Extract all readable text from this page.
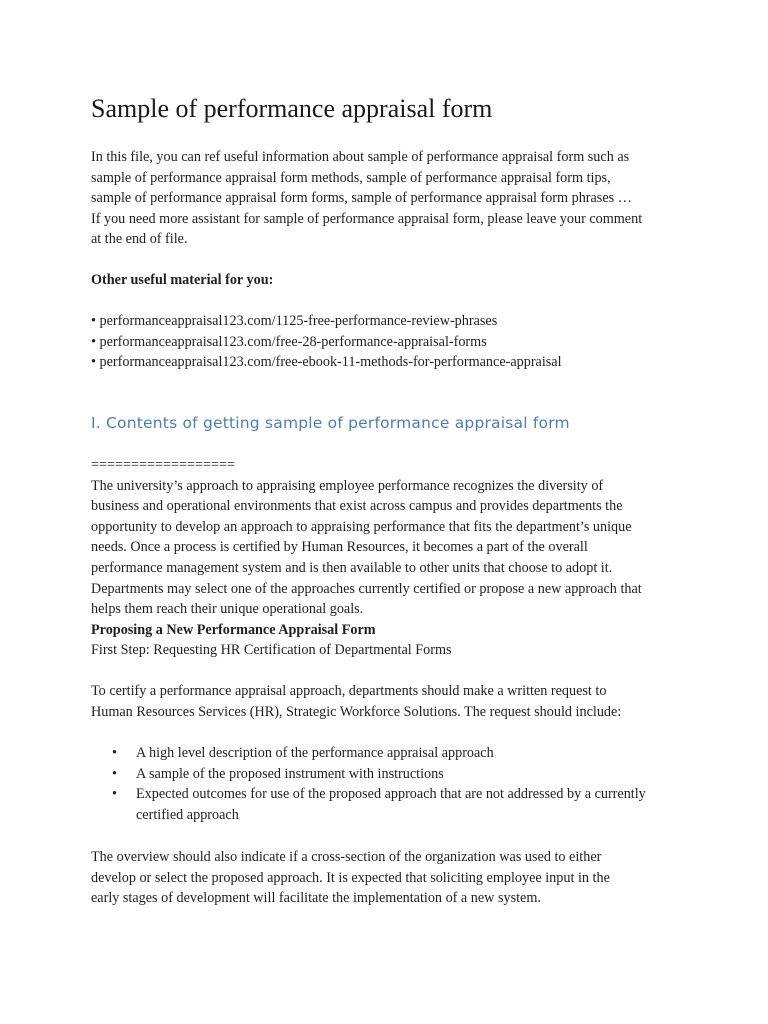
Sample of performance appraisal form

In this file, you can ref useful information about sample of performance appraisal form such as
sample of performance appraisal form methods, sample of performance appraisal form tips,
sample of performance appraisal form forms, sample of performance appraisal form phrases …
If you need more assistant for sample of performance appraisal form, please leave your comment
at the end of file.

Other useful material for you:

• performanceappraisal123.com/1125-free-performance-review-phrases
• performanceappraisal123.com/free-28-performance-appraisal-forms
• performanceappraisal123.com/free-ebook-11-methods-for-performance-appraisal
I. Contents of getting sample of performance appraisal form

==================
The university’s approach to appraising employee performance recognizes the diversity of
business and operational environments that exist across campus and provides departments the
opportunity to develop an approach to appraising performance that fits the department’s unique
needs. Once a process is certified by Human Resources, it becomes a part of the overall
performance management system and is then available to other units that choose to adopt it.
Departments may select one of the approaches currently certified or propose a new approach that
helps them reach their unique operational goals.
Proposing a New Performance Appraisal Form
First Step: Requesting HR Certification of Departmental Forms

To certify a performance appraisal approach, departments should make a written request to
Human Resources Services (HR), Strategic Workforce Solutions. The request should include:

• A high level description of the performance appraisal approach
• A sample of the proposed instrument with instructions
• Expected outcomes for use of the proposed approach that are not addressed by a currently
certified approach

The overview should also indicate if a cross-section of the organization was used to either
develop or select the proposed approach. It is expected that soliciting employee input in the
early stages of development will facilitate the implementation of a new system.
